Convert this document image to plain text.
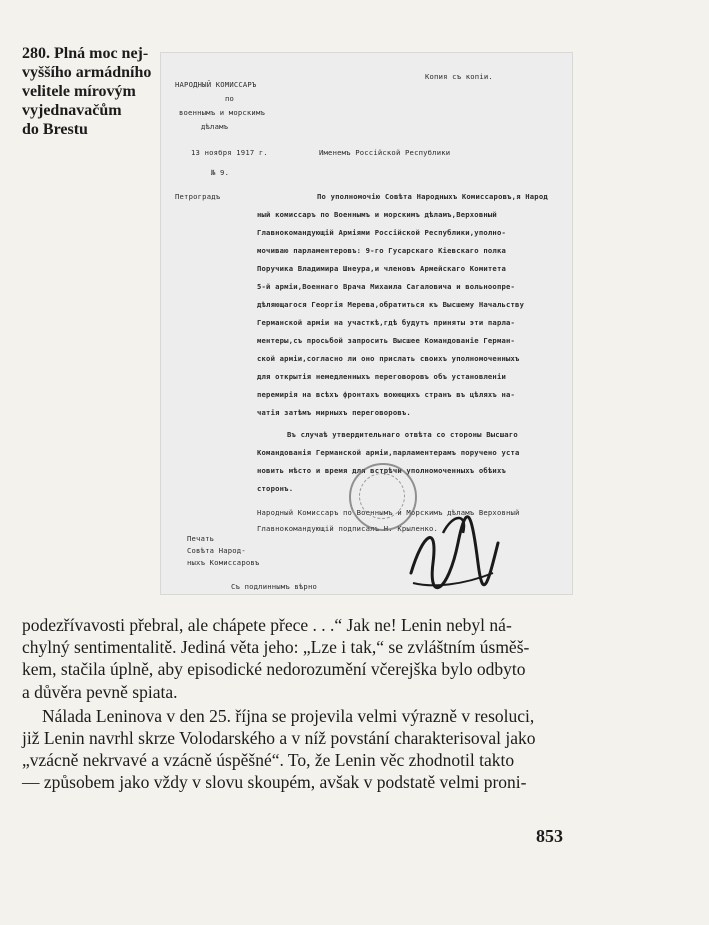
280. Plná moc nej-
vyššího armádního
velitele mírovým
vyjednavačům
do Brestu
НАРОДНЫЙ КОМИССАРЪ
по
военнымъ и морскимъ
дѣламъ
Копия съ копiи.
13 ноября 1917 г.	Именемъ Россiйской Республики
№ 9.
Петроградъ	По уполномочiю Совѣта Народныхъ Комиссаровъ,я Народ
ный комиссаръ по Военнымъ и морскимъ дѣламъ,Верховный
Главнокомандующiй Армiями Россiйской Республики,уполно-
мочиваю парламентеровъ: 9-го Гусарскаго Кiевскаго полка
Поручика Владимира Шнеура,и членовъ Армейскаго Комитета
5-й армiи,Военнаго Врача Михаила Сагаловича и вольноопре-
дѣляющагося Георгiя Мерева,обратиться къ Высшему Начальству
Германской армiи на участкѣ,гдѣ будутъ приняты эти парла-
ментеры,съ просьбой запросить Высшее Командованiе Герман-
ской армiи,согласно ли оно прислать своихъ уполномоченныхъ
для открытiя немедленныхъ переговоровъ объ установленiи
перемирiя на всѣхъ фронтахъ воюющихъ странъ въ цѣляхъ на-
чатiя затѣмъ мирныхъ переговоровъ.
Въ случаѣ утвердительнаго отвѣта со стороны Высшаго
Командованiя Германской армiи,парламентерамъ поручено уста
новить мѣсто и время для встрѣчи уполномоченныхъ обѣихъ
сторонъ.
Народный Комиссаръ по Военнымъ и Морскимъ дѣламъ Верховный
Главнокомандующiй подписалъ Н. Крыленко.
Печать
Совѣта Народ-
ныхъ Комиссаровъ
Съ подлиннымъ вѣрно
podezřívavosti přebral, ale chápete přece . . .“ Jak ne! Lenin nebyl ná-
chylný sentimentalitě. Jediná věta jeho: „Lze i tak,“ se zvláštním úsměš-
kem, stačila úplně, aby episodické nedorozumění včerejška bylo odbyto
a důvěra pevně spiata.
Nálada Leninova v den 25. října se projevila velmi výrazně v resoluci,
již Lenin navrhl skrze Volodarského a v níž povstání charakterisoval jako
„vzácně nekrvavé a vzácně úspěšné“. To, že Lenin věc zhodnotil takto
— způsobem jako vždy v slovu skoupém, avšak v podstatě velmi proni-
853
